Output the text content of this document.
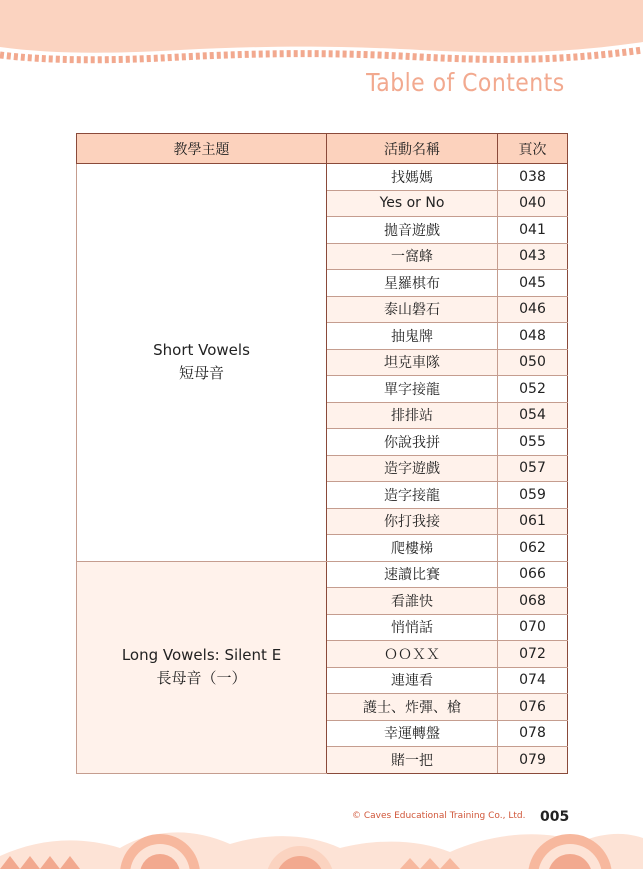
Table of Contents
教學主題	活動名稱	頁次

Short Vowels
短母音	找媽媽	038
	Yes or No	040
	拋音遊戲	041
	一窩蜂	043
	星羅棋布	045
	泰山磐石	046
	抽鬼牌	048
	坦克車隊	050
	單字接龍	052
	排排站	054
	你說我拼	055
	造字遊戲	057
	造字接龍	059
	你打我接	061
	爬樓梯	062

Long Vowels: Silent E
長母音（一）	速讀比賽	066
	看誰快	068
	悄悄話	070
	ＯＯＸＸ	072
	連連看	074
	護士、炸彈、槍	076
	幸運轉盤	078
	賭一把	079
© Caves Educational Training Co., Ltd. 005
